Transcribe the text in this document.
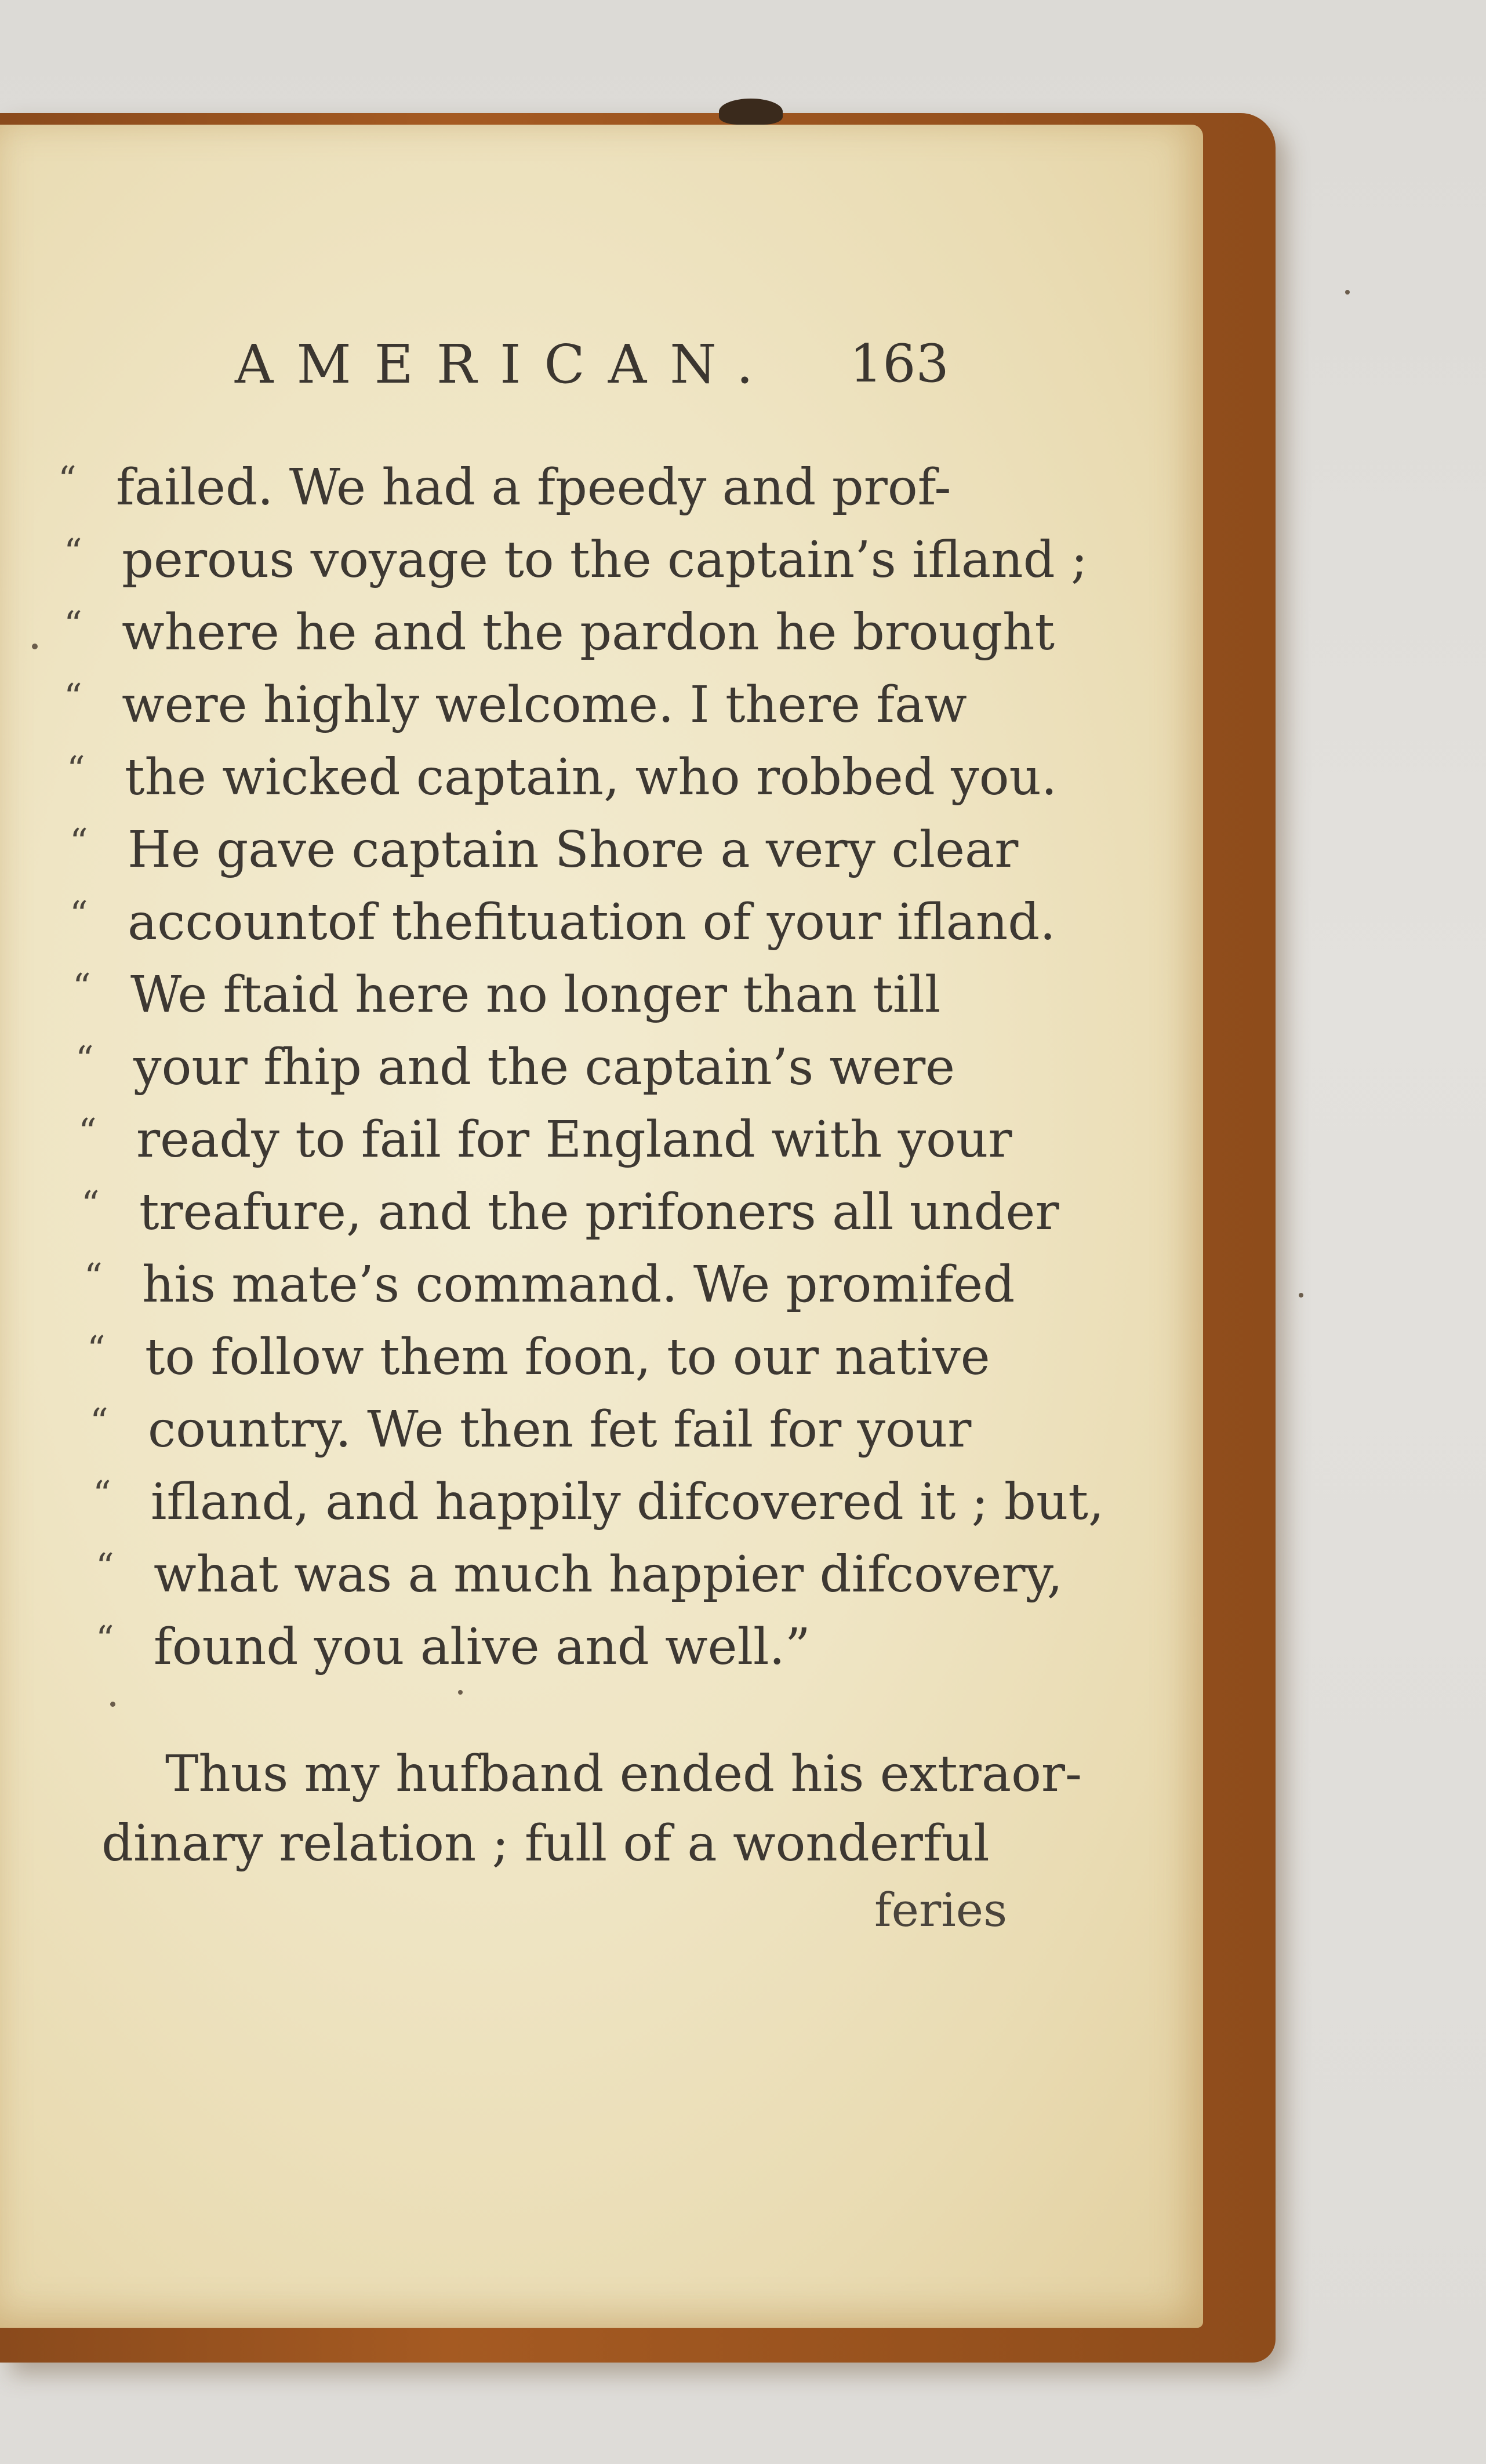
AMERICAN. 163
“ failed. We had a fpeedy and prof-
“ perous voyage to the captain’s ifland ;
“ where he and the pardon he brought
“ were highly welcome. I there faw
“ the wicked captain, who robbed you.
“ He gave captain Shore a very clear
“ accountof thefituation of your ifland.
“ We ftaid here no longer than till
“ your fhip and the captain’s were
“ ready to fail for England with your
“ treafure, and the prifoners all under
“ his mate’s command. We promifed
“ to follow them foon, to our native
“ country. We then fet fail for your
“ ifland, and happily difcovered it ; but,
“ what was a much happier difcovery,
“ found you alive and well.”
Thus my hufband ended his extraor-
dinary relation ; full of a wonderful
feries
